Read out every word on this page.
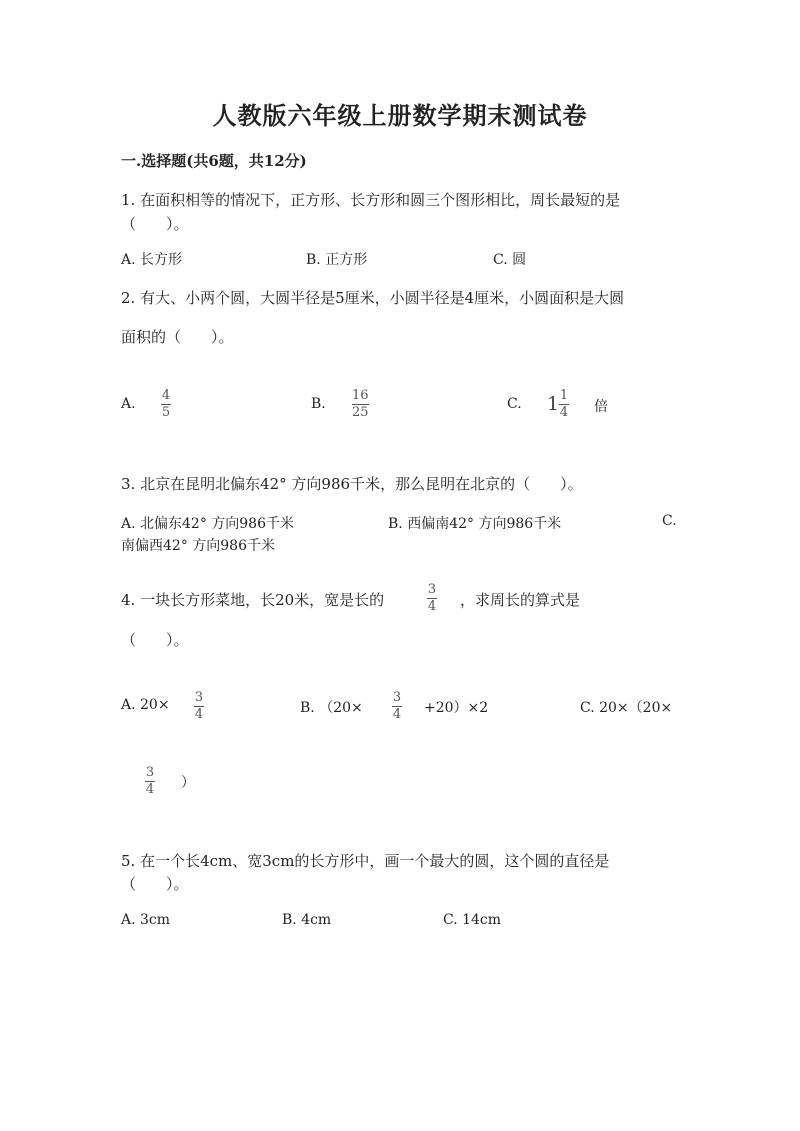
人教版六年级上册数学期末测试卷
一.选择题(共6题，共12分)
1. 在面积相等的情况下，正方形、长方形和圆三个图形相比，周长最短的是
（　　）。
A. 长方形	B. 正方形	C. 圆
2. 有大、小两个圆，大圆半径是5厘米，小圆半径是4厘米，小圆面积是大圆
面积的（　　）。
A.
4
5
B.
16
25
C. 1 1
4 倍
3. 北京在昆明北偏东42° 方向986千米，那么昆明在北京的（　　）。
A. 北偏东42° 方向986千米	B. 西偏南42° 方向986千米	C.
南偏西42° 方向986千米
4. 一块长方形菜地，长20米，宽是长的
3
4 ，求周长的算式是
（　　）。
A. 20× 3
4	B. （20×
3
4 +20）×2	C. 20×（20×
3
4 ）
5. 在一个长4cm、宽3cm的长方形中，画一个最大的圆，这个圆的直径是
（　　）。
A. 3cm	B. 4cm	C. 14cm
